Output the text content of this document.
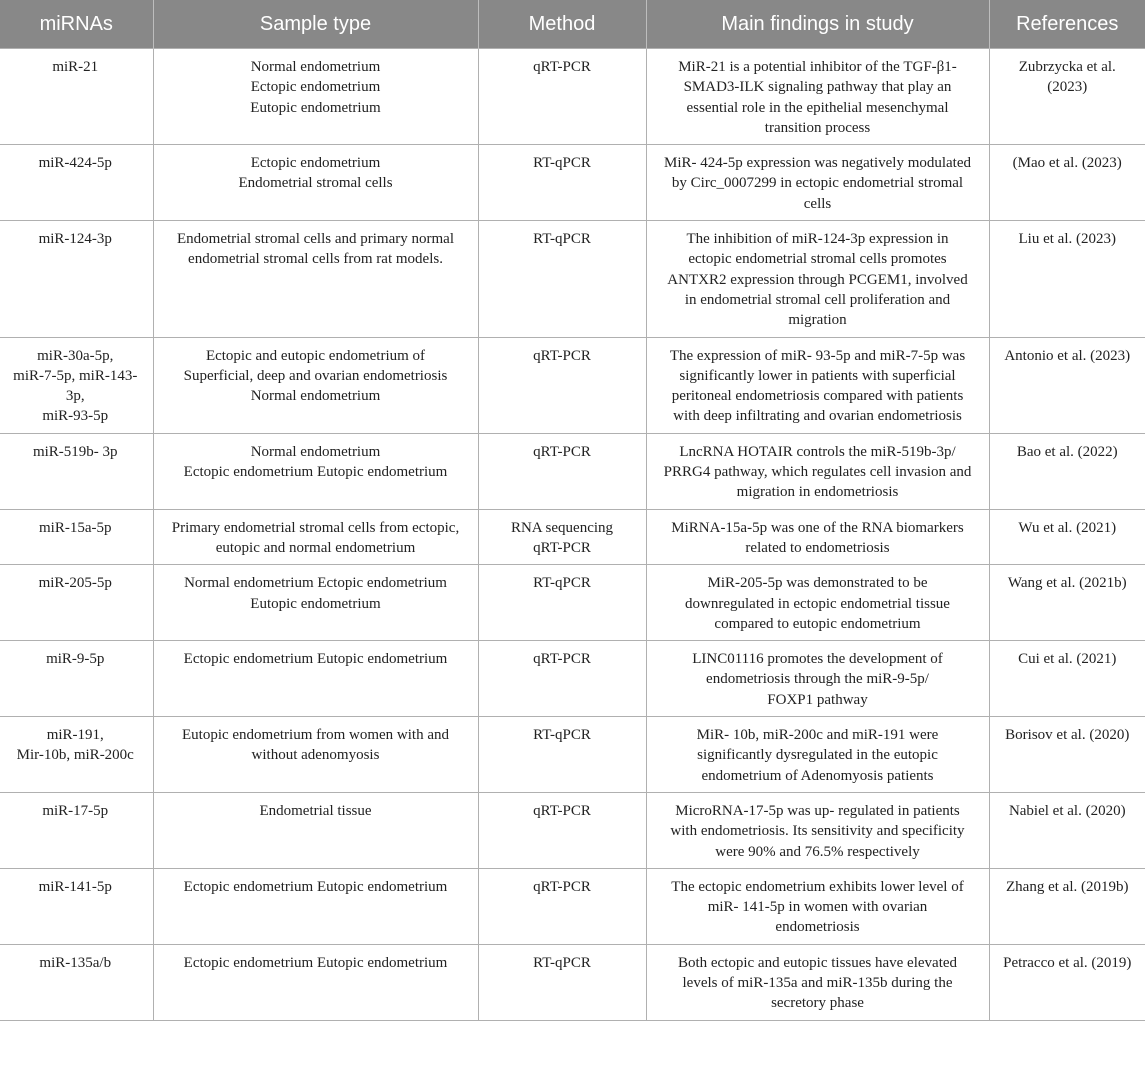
miRNAs	Sample type	Method	Main findings in study	References

miR-21	Normal endometrium
Ectopic endometrium
Eutopic endometrium	qRT-PCR	MiR-21 is a potential inhibitor of the TGF-β1-
SMAD3-ILK signaling pathway that play an
essential role in the epithelial mesenchymal
transition process	Zubrzycka et al.
(2023)

miR-424-5p	Ectopic endometrium
Endometrial stromal cells	RT-qPCR	MiR- 424-5p expression was negatively modulated
by Circ_0007299 in ectopic endometrial stromal
cells	(Mao et al. (2023)

miR-124-3p	Endometrial stromal cells and primary normal
endometrial stromal cells from rat models.	RT-qPCR	The inhibition of miR-124-3p expression in
ectopic endometrial stromal cells promotes
ANTXR2 expression through PCGEM1, involved
in endometrial stromal cell proliferation and
migration	Liu et al. (2023)

miR-30a-5p,
miR-7-5p, miR-143-
3p,
miR-93-5p	Ectopic and eutopic endometrium of
Superficial, deep and ovarian endometriosis
Normal endometrium	qRT-PCR	The expression of miR- 93-5p and miR-7-5p was
significantly lower in patients with superficial
peritoneal endometriosis compared with patients
with deep infiltrating and ovarian endometriosis	Antonio et al. (2023)

miR-519b- 3p	Normal endometrium
Ectopic endometrium Eutopic endometrium	qRT-PCR	LncRNA HOTAIR controls the miR-519b-3p/
PRRG4 pathway, which regulates cell invasion and
migration in endometriosis	Bao et al. (2022)

miR-15a-5p	Primary endometrial stromal cells from ectopic,
eutopic and normal endometrium	RNA sequencing
qRT-PCR	MiRNA-15a-5p was one of the RNA biomarkers
related to endometriosis	Wu et al. (2021)

miR-205-5p	Normal endometrium Ectopic endometrium
Eutopic endometrium	RT-qPCR	MiR-205-5p was demonstrated to be
downregulated in ectopic endometrial tissue
compared to eutopic endometrium	Wang et al. (2021b)

miR-9-5p	Ectopic endometrium Eutopic endometrium	qRT-PCR	LINC01116 promotes the development of
endometriosis through the miR-9-5p/
FOXP1 pathway	Cui et al. (2021)

miR-191,
Mir-10b, miR-200c	Eutopic endometrium from women with and
without adenomyosis	RT-qPCR	MiR- 10b, miR-200c and miR-191 were
significantly dysregulated in the eutopic
endometrium of Adenomyosis patients	Borisov et al. (2020)

miR-17-5p	Endometrial tissue	qRT-PCR	MicroRNA-17-5p was up- regulated in patients
with endometriosis. Its sensitivity and specificity
were 90% and 76.5% respectively	Nabiel et al. (2020)

miR-141-5p	Ectopic endometrium Eutopic endometrium	qRT-PCR	The ectopic endometrium exhibits lower level of
miR- 141-5p in women with ovarian
endometriosis	Zhang et al. (2019b)

miR-135a/b	Ectopic endometrium Eutopic endometrium	RT-qPCR	Both ectopic and eutopic tissues have elevated
levels of miR-135a and miR-135b during the
secretory phase	Petracco et al. (2019)
